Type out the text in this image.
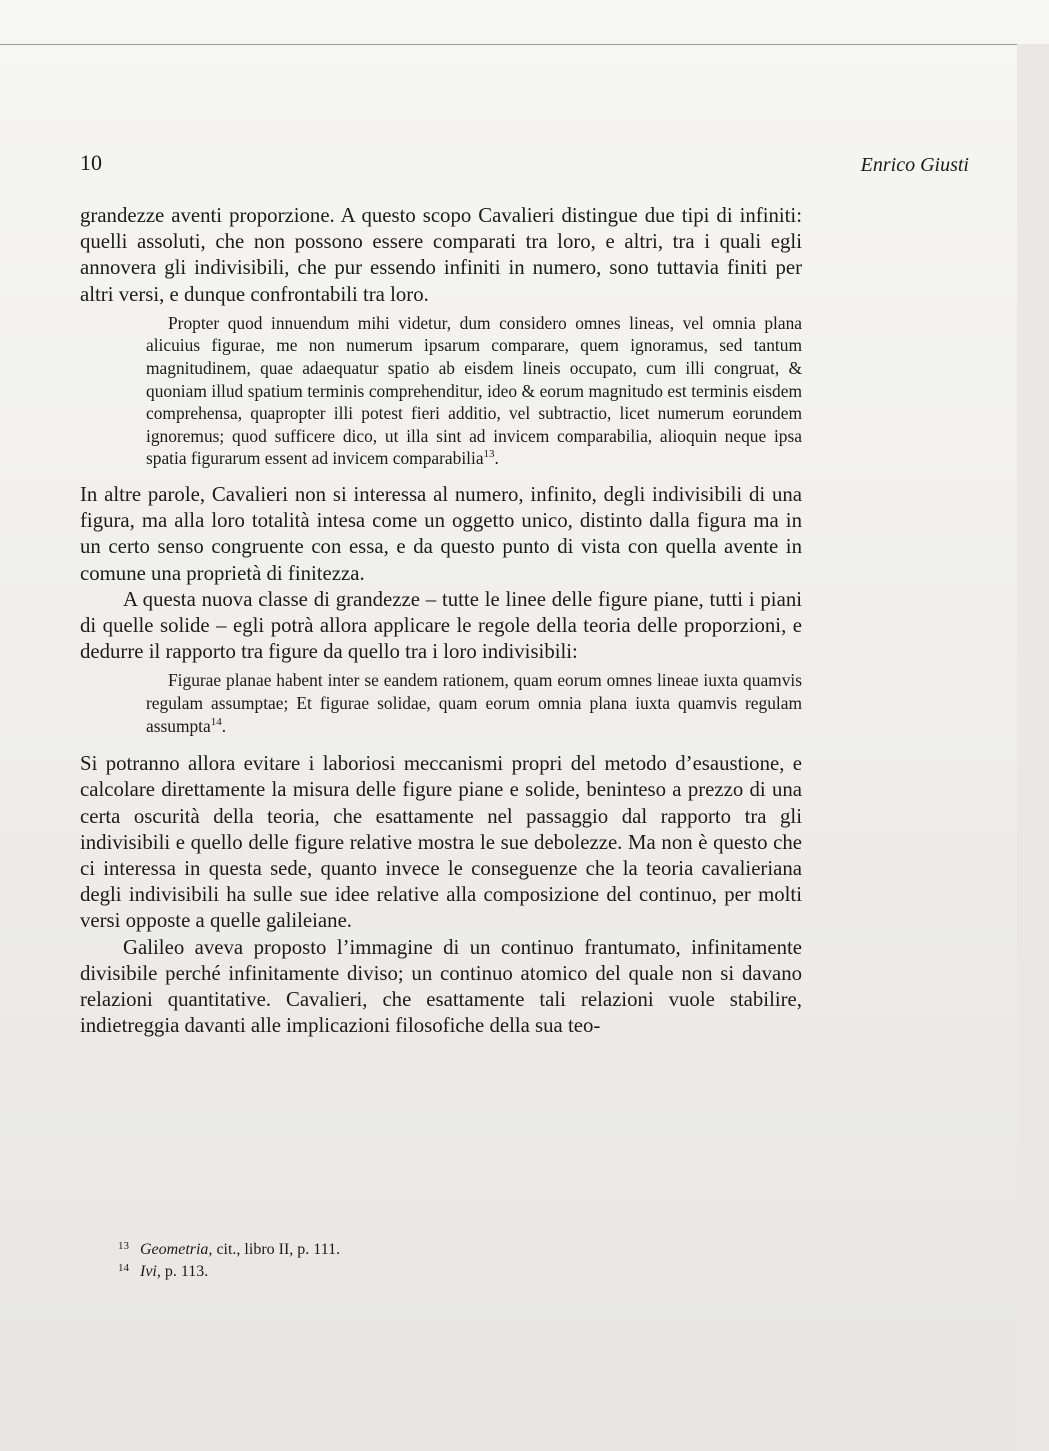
10	Enrico Giusti

grandezze aventi proporzione. A questo scopo Cavalieri distingue due tipi di infiniti: quelli assoluti, che non possono essere comparati tra loro, e altri, tra i quali egli annovera gli indivisibili, che pur essendo infiniti in numero, sono tuttavia finiti per altri versi, e dunque confrontabili tra loro.

Propter quod innuendum mihi videtur, dum considero omnes lineas, vel omnia plana alicuius figurae, me non numerum ipsarum comparare, quem ignoramus, sed tantum magnitudinem, quae adaequatur spatio ab eisdem lineis occupato, cum illi congruat, & quoniam illud spatium terminis comprehenditur, ideo & eorum magnitudo est terminis eisdem comprehensa, quapropter illi potest fieri additio, vel subtractio, licet numerum eorundem ignoremus; quod sufficere dico, ut illa sint ad invicem comparabilia, alioquin neque ipsa spatia figurarum essent ad invicem comparabilia$^{13}$.

In altre parole, Cavalieri non si interessa al numero, infinito, degli indivisibili di una figura, ma alla loro totalità intesa come un oggetto unico, distinto dalla figura ma in un certo senso congruente con essa, e da questo punto di vista con quella avente in comune una proprietà di finitezza.

A questa nuova classe di grandezze – tutte le linee delle figure piane, tutti i piani di quelle solide – egli potrà allora applicare le regole della teoria delle proporzioni, e dedurre il rapporto tra figure da quello tra i loro indivisibili:

Figurae planae habent inter se eandem rationem, quam eorum omnes lineae iuxta quamvis regulam assumptae; Et figurae solidae, quam eorum omnia plana iuxta quamvis regulam assumpta$^{14}$.

Si potranno allora evitare i laboriosi meccanismi propri del metodo d’esaustione, e calcolare direttamente la misura delle figure piane e solide, beninteso a prezzo di una certa oscurità della teoria, che esattamente nel passaggio dal rapporto tra gli indivisibili e quello delle figure relative mostra le sue debolezze. Ma non è questo che ci interessa in questa sede, quanto invece le conseguenze che la teoria cavalieriana degli indivisibili ha sulle sue idee relative alla composizione del continuo, per molti versi opposte a quelle galileiane.

Galileo aveva proposto l’immagine di un continuo frantumato, infinitamente divisibile perché infinitamente diviso; un continuo atomico del quale non si davano relazioni quantitative. Cavalieri, che esattamente tali relazioni vuole stabilire, indietreggia davanti alle implicazioni filosofiche della sua teo-

13 Geometria, cit., libro II, p. 111.
14 Ivi, p. 113.
